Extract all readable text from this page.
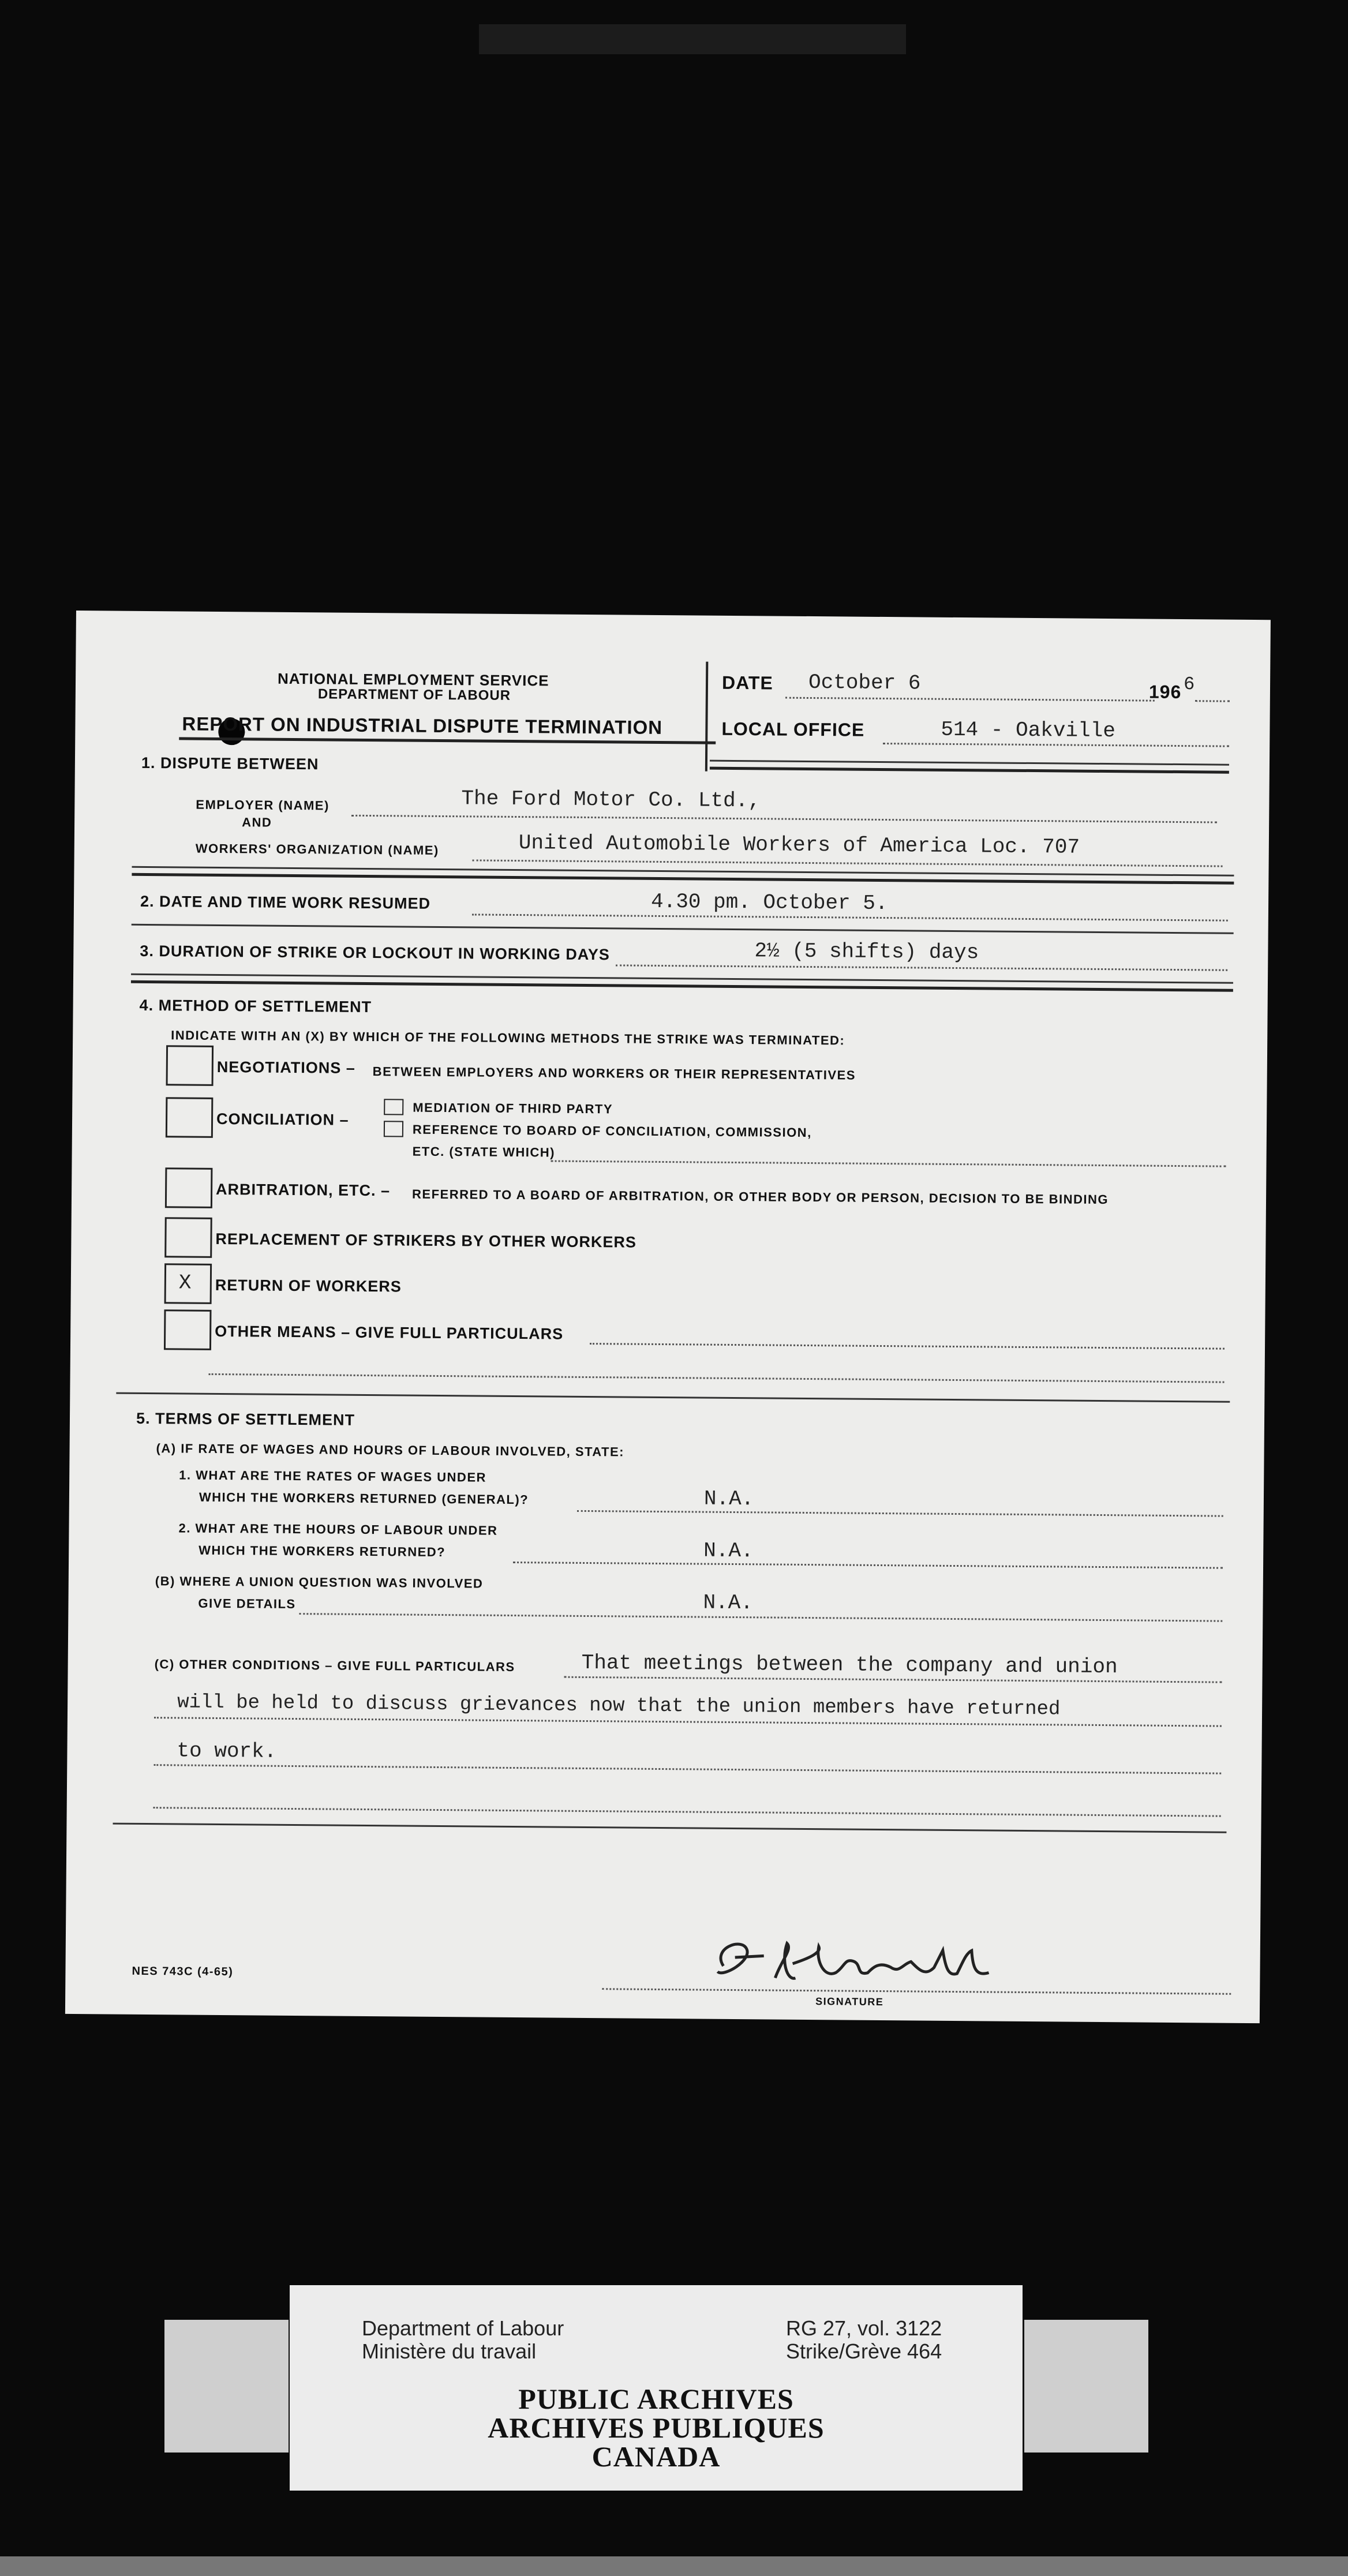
NATIONAL EMPLOYMENT SERVICE
DEPARTMENT OF LABOUR
REPORT ON INDUSTRIAL DISPUTE TERMINATION
DATE October 6	196 6
LOCAL OFFICE	514 - Oakville
1. DISPUTE BETWEEN
EMPLOYER (NAME)	The Ford Motor Co. Ltd.,
AND
WORKERS' ORGANIZATION (NAME)	United Automobile Workers of America Loc. 707
2. DATE AND TIME WORK RESUMED	4.30 pm. October 5.
3. DURATION OF STRIKE OR LOCKOUT IN WORKING DAYS	2½ (5 shifts) days
4. METHOD OF SETTLEMENT
INDICATE WITH AN (X) BY WHICH OF THE FOLLOWING METHODS THE STRIKE WAS TERMINATED:
NEGOTIATIONS – BETWEEN EMPLOYERS AND WORKERS OR THEIR REPRESENTATIVES
CONCILIATION –
MEDIATION OF THIRD PARTY
REFERENCE TO BOARD OF CONCILIATION, COMMISSION,
ETC. (STATE WHICH)
ARBITRATION, ETC. – REFERRED TO A BOARD OF ARBITRATION, OR OTHER BODY OR PERSON, DECISION TO BE BINDING
REPLACEMENT OF STRIKERS BY OTHER WORKERS
X RETURN OF WORKERS
OTHER MEANS – GIVE FULL PARTICULARS
5. TERMS OF SETTLEMENT
(A) IF RATE OF WAGES AND HOURS OF LABOUR INVOLVED, STATE:
1. WHAT ARE THE RATES OF WAGES UNDER
WHICH THE WORKERS RETURNED (GENERAL)?	N.A.
2. WHAT ARE THE HOURS OF LABOUR UNDER
WHICH THE WORKERS RETURNED?	N.A.
(B) WHERE A UNION QUESTION WAS INVOLVED
GIVE DETAILS	N.A.
(C) OTHER CONDITIONS – GIVE FULL PARTICULARS	That meetings between the company and union
will be held to discuss grievances now that the union members have returned
to work.
NES 743C (4-65)
SIGNATURE
Department of Labour
Ministère du travail
RG 27, vol. 3122
Strike/Grève 464
PUBLIC ARCHIVES
ARCHIVES PUBLIQUES
CANADA
